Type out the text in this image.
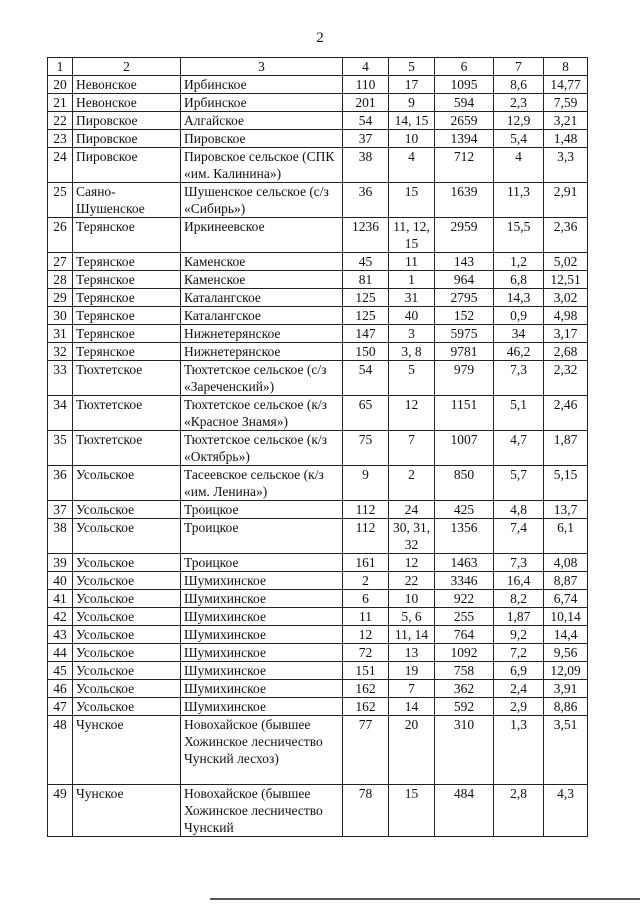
2
1	2	3	4	5	6	7	8
20	Невонское	Ирбинское	110	17	1095	8,6	14,77
21	Невонское	Ирбинское	201	9	594	2,3	7,59
22	Пировское	Алгайское	54	14, 15	2659	12,9	3,21
23	Пировское	Пировское	37	10	1394	5,4	1,48
24	Пировское	Пировское сельское (СПК «им. Калинина»)	38	4	712	4	3,3
25	Саяно-Шушенское	Шушенское сельское (с/з «Сибирь»)	36	15	1639	11,3	2,91
26	Терянское	Иркинеевское	1236	11, 12, 15	2959	15,5	2,36
27	Терянское	Каменское	45	11	143	1,2	5,02
28	Терянское	Каменское	81	1	964	6,8	12,51
29	Терянское	Каталангское	125	31	2795	14,3	3,02
30	Терянское	Каталангское	125	40	152	0,9	4,98
31	Терянское	Нижнетерянское	147	3	5975	34	3,17
32	Терянское	Нижнетерянское	150	3, 8	9781	46,2	2,68
33	Тюхтетское	Тюхтетское сельское (с/з «Зареченский»)	54	5	979	7,3	2,32
34	Тюхтетское	Тюхтетское сельское (к/з «Красное Знамя»)	65	12	1151	5,1	2,46
35	Тюхтетское	Тюхтетское сельское (к/з «Октябрь»)	75	7	1007	4,7	1,87
36	Усольское	Тасеевское сельское (к/з «им. Ленина»)	9	2	850	5,7	5,15
37	Усольское	Троицкое	112	24	425	4,8	13,7
38	Усольское	Троицкое	112	30, 31, 32	1356	7,4	6,1
39	Усольское	Троицкое	161	12	1463	7,3	4,08
40	Усольское	Шумихинское	2	22	3346	16,4	8,87
41	Усольское	Шумихинское	6	10	922	8,2	6,74
42	Усольское	Шумихинское	11	5, 6	255	1,87	10,14
43	Усольское	Шумихинское	12	11, 14	764	9,2	14,4
44	Усольское	Шумихинское	72	13	1092	7,2	9,56
45	Усольское	Шумихинское	151	19	758	6,9	12,09
46	Усольское	Шумихинское	162	7	362	2,4	3,91
47	Усольское	Шумихинское	162	14	592	2,9	8,86
48	Чунское	Новохайское (бывшее Хожинское лесничество Чунский лесхоз)	77	20	310	1,3	3,51
49	Чунское	Новохайское (бывшее Хожинское лесничество Чунский	78	15	484	2,8	4,3
